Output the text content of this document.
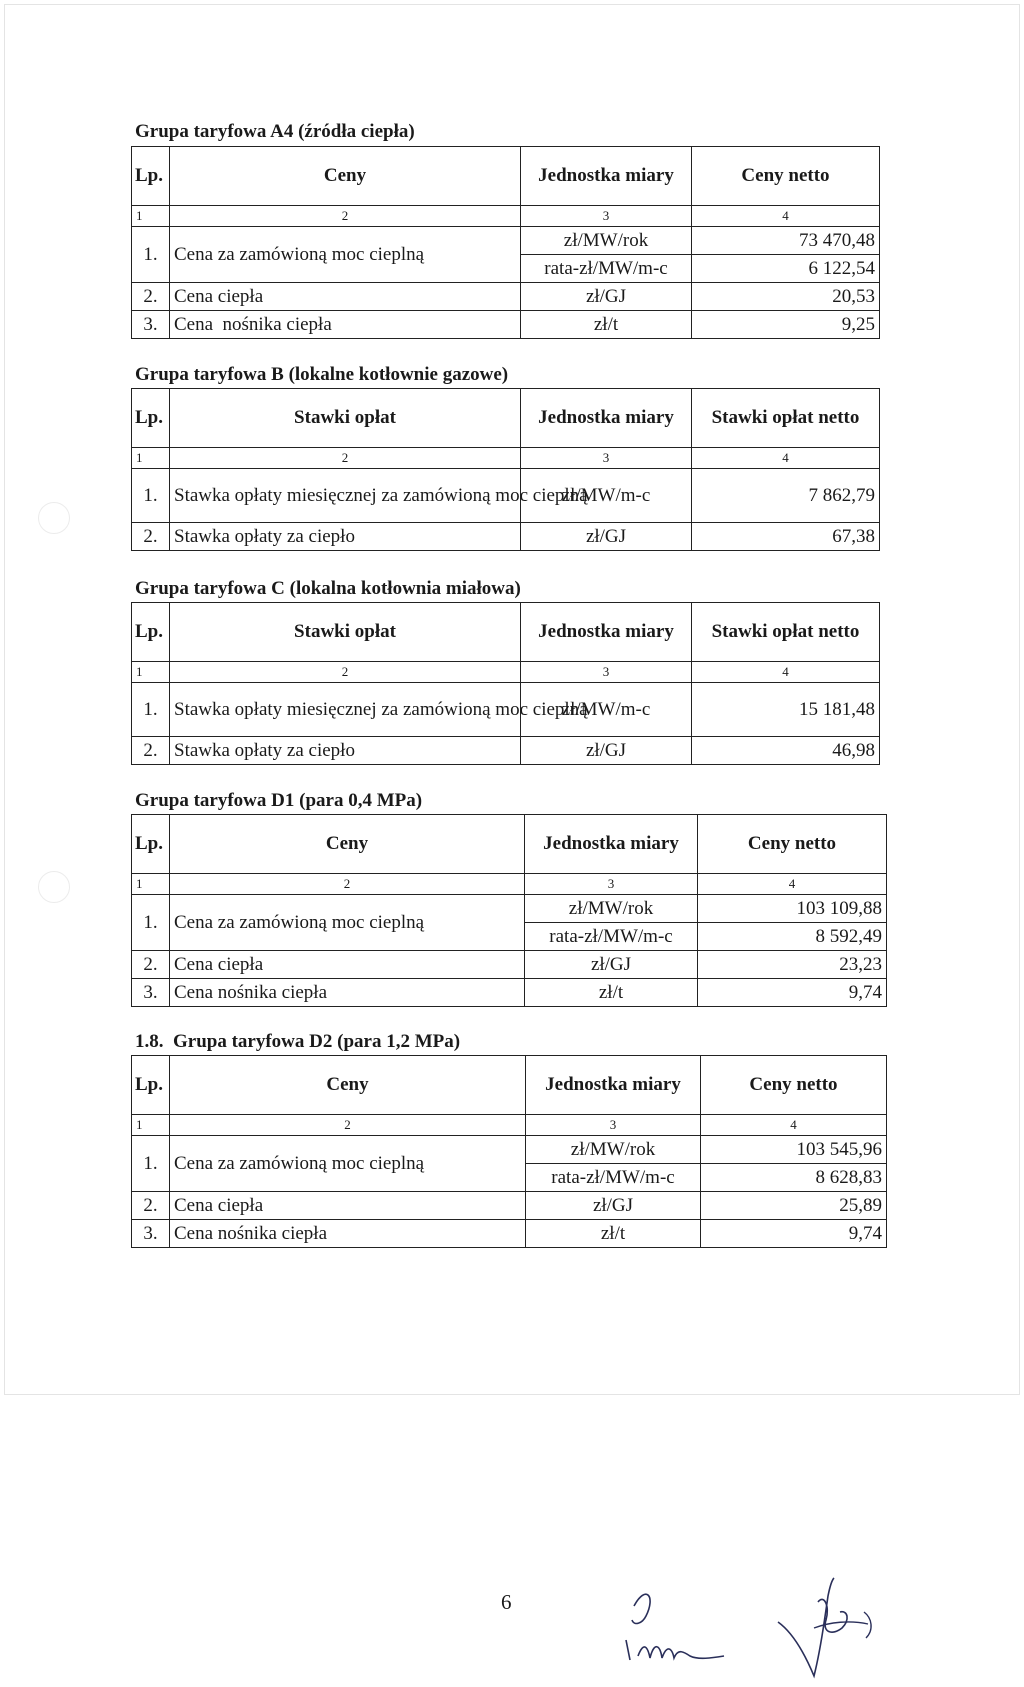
Grupa taryfowa A4 (źródła ciepła)
Lp.	Ceny	Jednostka miary	Ceny netto
1	2	3	4
1.	Cena za zamówioną moc cieplną	zł/MW/rok	73 470,48
		rata-zł/MW/m-c	6 122,54
2.	Cena ciepła	zł/GJ	20,53
3.	Cena  nośnika ciepła	zł/t	9,25
Grupa taryfowa B (lokalne kotłownie gazowe)
Lp.	Stawki opłat	Jednostka miary	Stawki opłat netto
1	2	3	4
1.	Stawka opłaty miesięcznej za zamówioną moc cieplną	zł/MW/m-c	7 862,79
2.	Stawka opłaty za ciepło	zł/GJ	67,38
Grupa taryfowa C (lokalna kotłownia miałowa)
Lp.	Stawki opłat	Jednostka miary	Stawki opłat netto
1	2	3	4
1.	Stawka opłaty miesięcznej za zamówioną moc cieplną	zł/MW/m-c	15 181,48
2.	Stawka opłaty za ciepło	zł/GJ	46,98
Grupa taryfowa D1 (para 0,4 MPa)
Lp.	Ceny	Jednostka miary	Ceny netto
1	2	3	4
1.	Cena za zamówioną moc cieplną	zł/MW/rok	103 109,88
		rata-zł/MW/m-c	8 592,49
2.	Cena ciepła	zł/GJ	23,23
3.	Cena nośnika ciepła	zł/t	9,74
1.8.  Grupa taryfowa D2 (para 1,2 MPa)
Lp.	Ceny	Jednostka miary	Ceny netto
1	2	3	4
1.	Cena za zamówioną moc cieplną	zł/MW/rok	103 545,96
		rata-zł/MW/m-c	8 628,83
2.	Cena ciepła	zł/GJ	25,89
3.	Cena nośnika ciepła	zł/t	9,74
6
